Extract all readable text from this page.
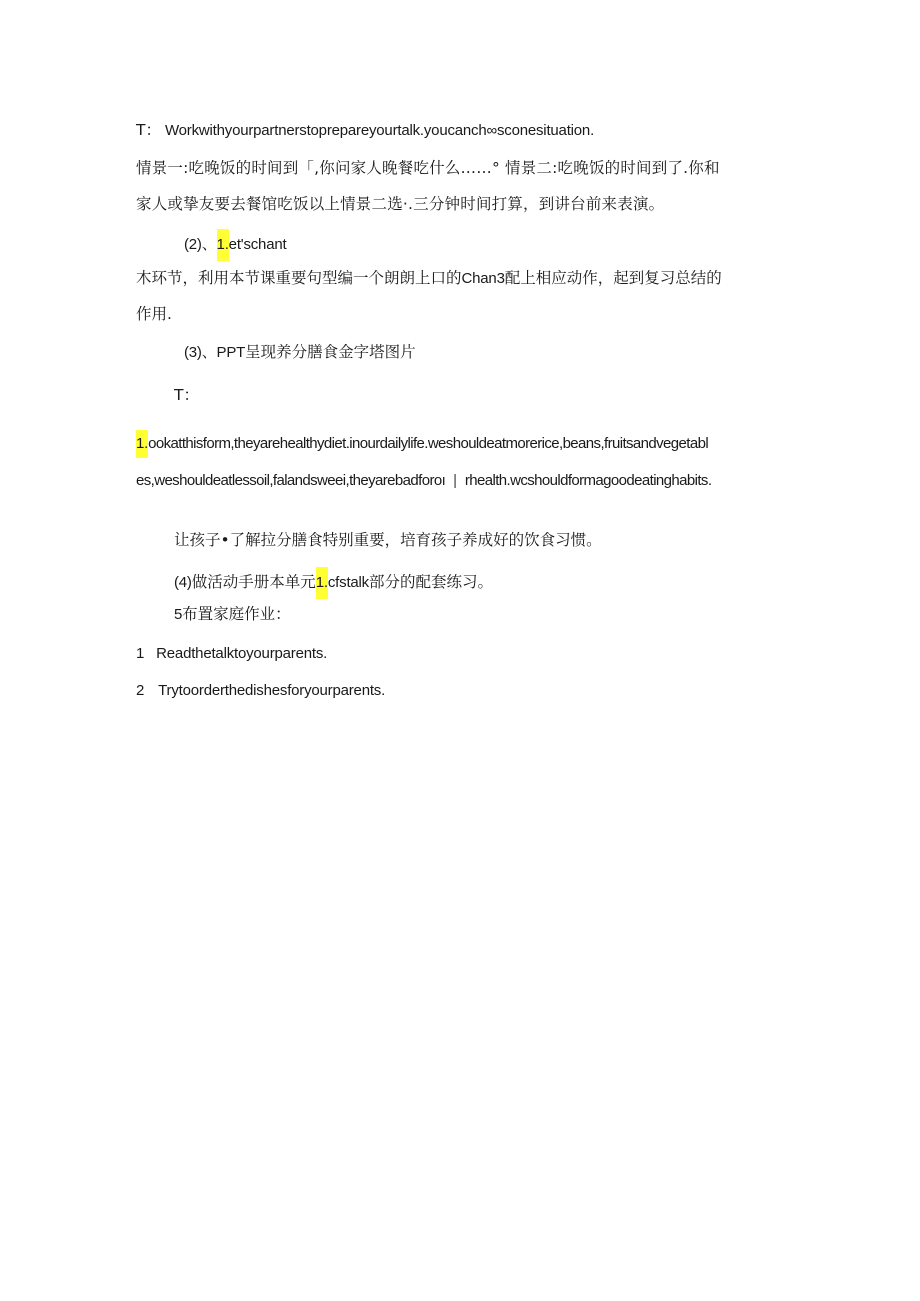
T： Workwithyourpartnerstoprepareyourtalk.youcanch∞sconesituation.
情景一:吃晚饭的时间到「,你问家人晚餐吃什么……° 情景二:吃晚饭的时间到了.你和
家人或挚友要去餐馆吃饭以上情景二选·.三分钟时间打算，到讲台前来表演。
(2)、1.et'schant
木环节，利用本节课重要句型编一个朗朗上口的Chan3配上相应动作，起到复习总结的
作用.
(3)、PPT呈现养分膳食金字塔图片
T：
1.ookatthisform,theyarehealthydiet.inourdailylife.weshouldeatmorerice,beans,fruitsandvegetabl
es,weshouldeatlessoil,falandsweei,theyarebadforoı | rhealth.wcshouldformagoodeatinghabits.
让孩子•了解拉分膳食特别重要，培育孩子养成好的饮食习惯。
(4)做活动手册本单元1.cfstalk部分的配套练习。
5布置家庭作业：
1 Readthetalktoyourparents.
2 Trytoorderthedishesforyourparents.
